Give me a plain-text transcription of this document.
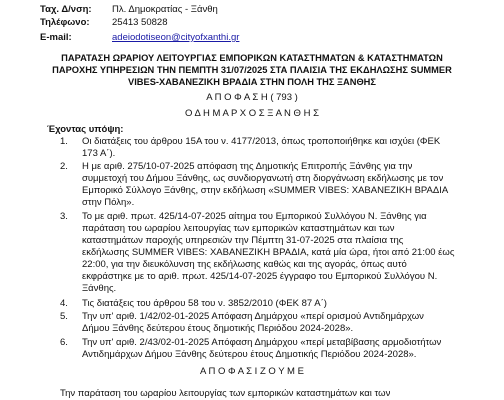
Ταχ. Δ/νση: Πλ. Δημοκρατίας - Ξάνθη
Τηλέφωνο: 25413 50828
E-mail:	adeiodotiseon@cityofxanthi.gr
ΠΑΡΑΤΑΣΗ ΩΡΑΡΙΟΥ ΛΕΙΤΟΥΡΓΙΑΣ ΕΜΠΟΡΙΚΩΝ ΚΑΤΑΣΤΗΜΑΤΩΝ & ΚΑΤΑΣΤΗΜΑΤΩΝ
ΠΑΡΟΧΗΣ ΥΠΗΡΕΣΙΩΝ ΤΗΝ ΠΕΜΠΤΗ 31/07/2025 ΣΤΑ ΠΛΑΙΣΙΑ ΤΗΣ ΕΚΔΗΛΩΣΗΣ SUMMER
VIBES-ΧΑΒΑΝΕΖΙΚΗ ΒΡΑΔΙΑ ΣΤΗΝ ΠΟΛΗ ΤΗΣ ΞΑΝΘΗΣ
Α Π Ο Φ Α Σ Η ( 793 )
Ο Δ Η Μ Α Ρ Χ Ο Σ Ξ Α Ν Θ Η Σ
Έχοντας υπόψη:
1. Οι διατάξεις του άρθρου 15Α του ν. 4177/2013, όπως τροποποιήθηκε και ισχύει (ΦΕΚ
173 Α΄).
2. Η με αριθ. 275/10-07-2025 απόφαση της Δημοτικής Επιτροπής Ξάνθης για την
συμμετοχή του Δήμου Ξάνθης, ως συνδιοργανωτή στη διοργάνωση εκδήλωσης με τον
Εμπορικό Σύλλογο Ξάνθης, στην εκδήλωση «SUMMER VIBES: ΧΑΒΑΝΕΖΙΚΗ ΒΡΑΔΙΑ
στην Πόλη».
3. Το με αριθ. πρωτ. 425/14-07-2025 αίτημα του Εμπορικού Συλλόγου Ν. Ξάνθης για
παράταση του ωραρίου λειτουργίας των εμπορικών καταστημάτων και των
καταστημάτων παροχής υπηρεσιών την Πέμπτη 31-07-2025 στα πλαίσια της
εκδήλωσης SUMMER VIBES: ΧΑΒΑΝΕΖΙΚΗ ΒΡΑΔΙΑ, κατά μία ώρα, ήτοι από 21:00 έως
22:00, για την διευκόλυνση της εκδήλωσης καθώς και της αγοράς, όπως αυτό
εκφράστηκε με το αριθ. πρωτ. 425/14-07-2025 έγγραφο του Εμπορικού Συλλόγου Ν.
Ξάνθης.
4. Τις διατάξεις του άρθρου 58 του ν. 3852/2010 (ΦΕΚ 87 Α΄)
5. Την υπ' αριθ. 1/42/02-01-2025 Απόφαση Δημάρχου «περί ορισμού Αντιδημάρχων
Δήμου Ξάνθης δεύτερου έτους δημοτικής Περιόδου 2024-2028».
6. Την υπ' αριθ. 2/43/02-01-2025 Απόφαση Δημάρχου «περί μεταβίβασης αρμοδιοτήτων
Αντιδημάρχων Δήμου Ξάνθης δεύτερου έτους Δημοτικής Περιόδου 2024-2028».
Α Π Ο Φ Α Σ Ι Ζ Ο Υ Μ Ε
Την παράταση του ωραρίου λειτουργίας των εμπορικών καταστημάτων και των
